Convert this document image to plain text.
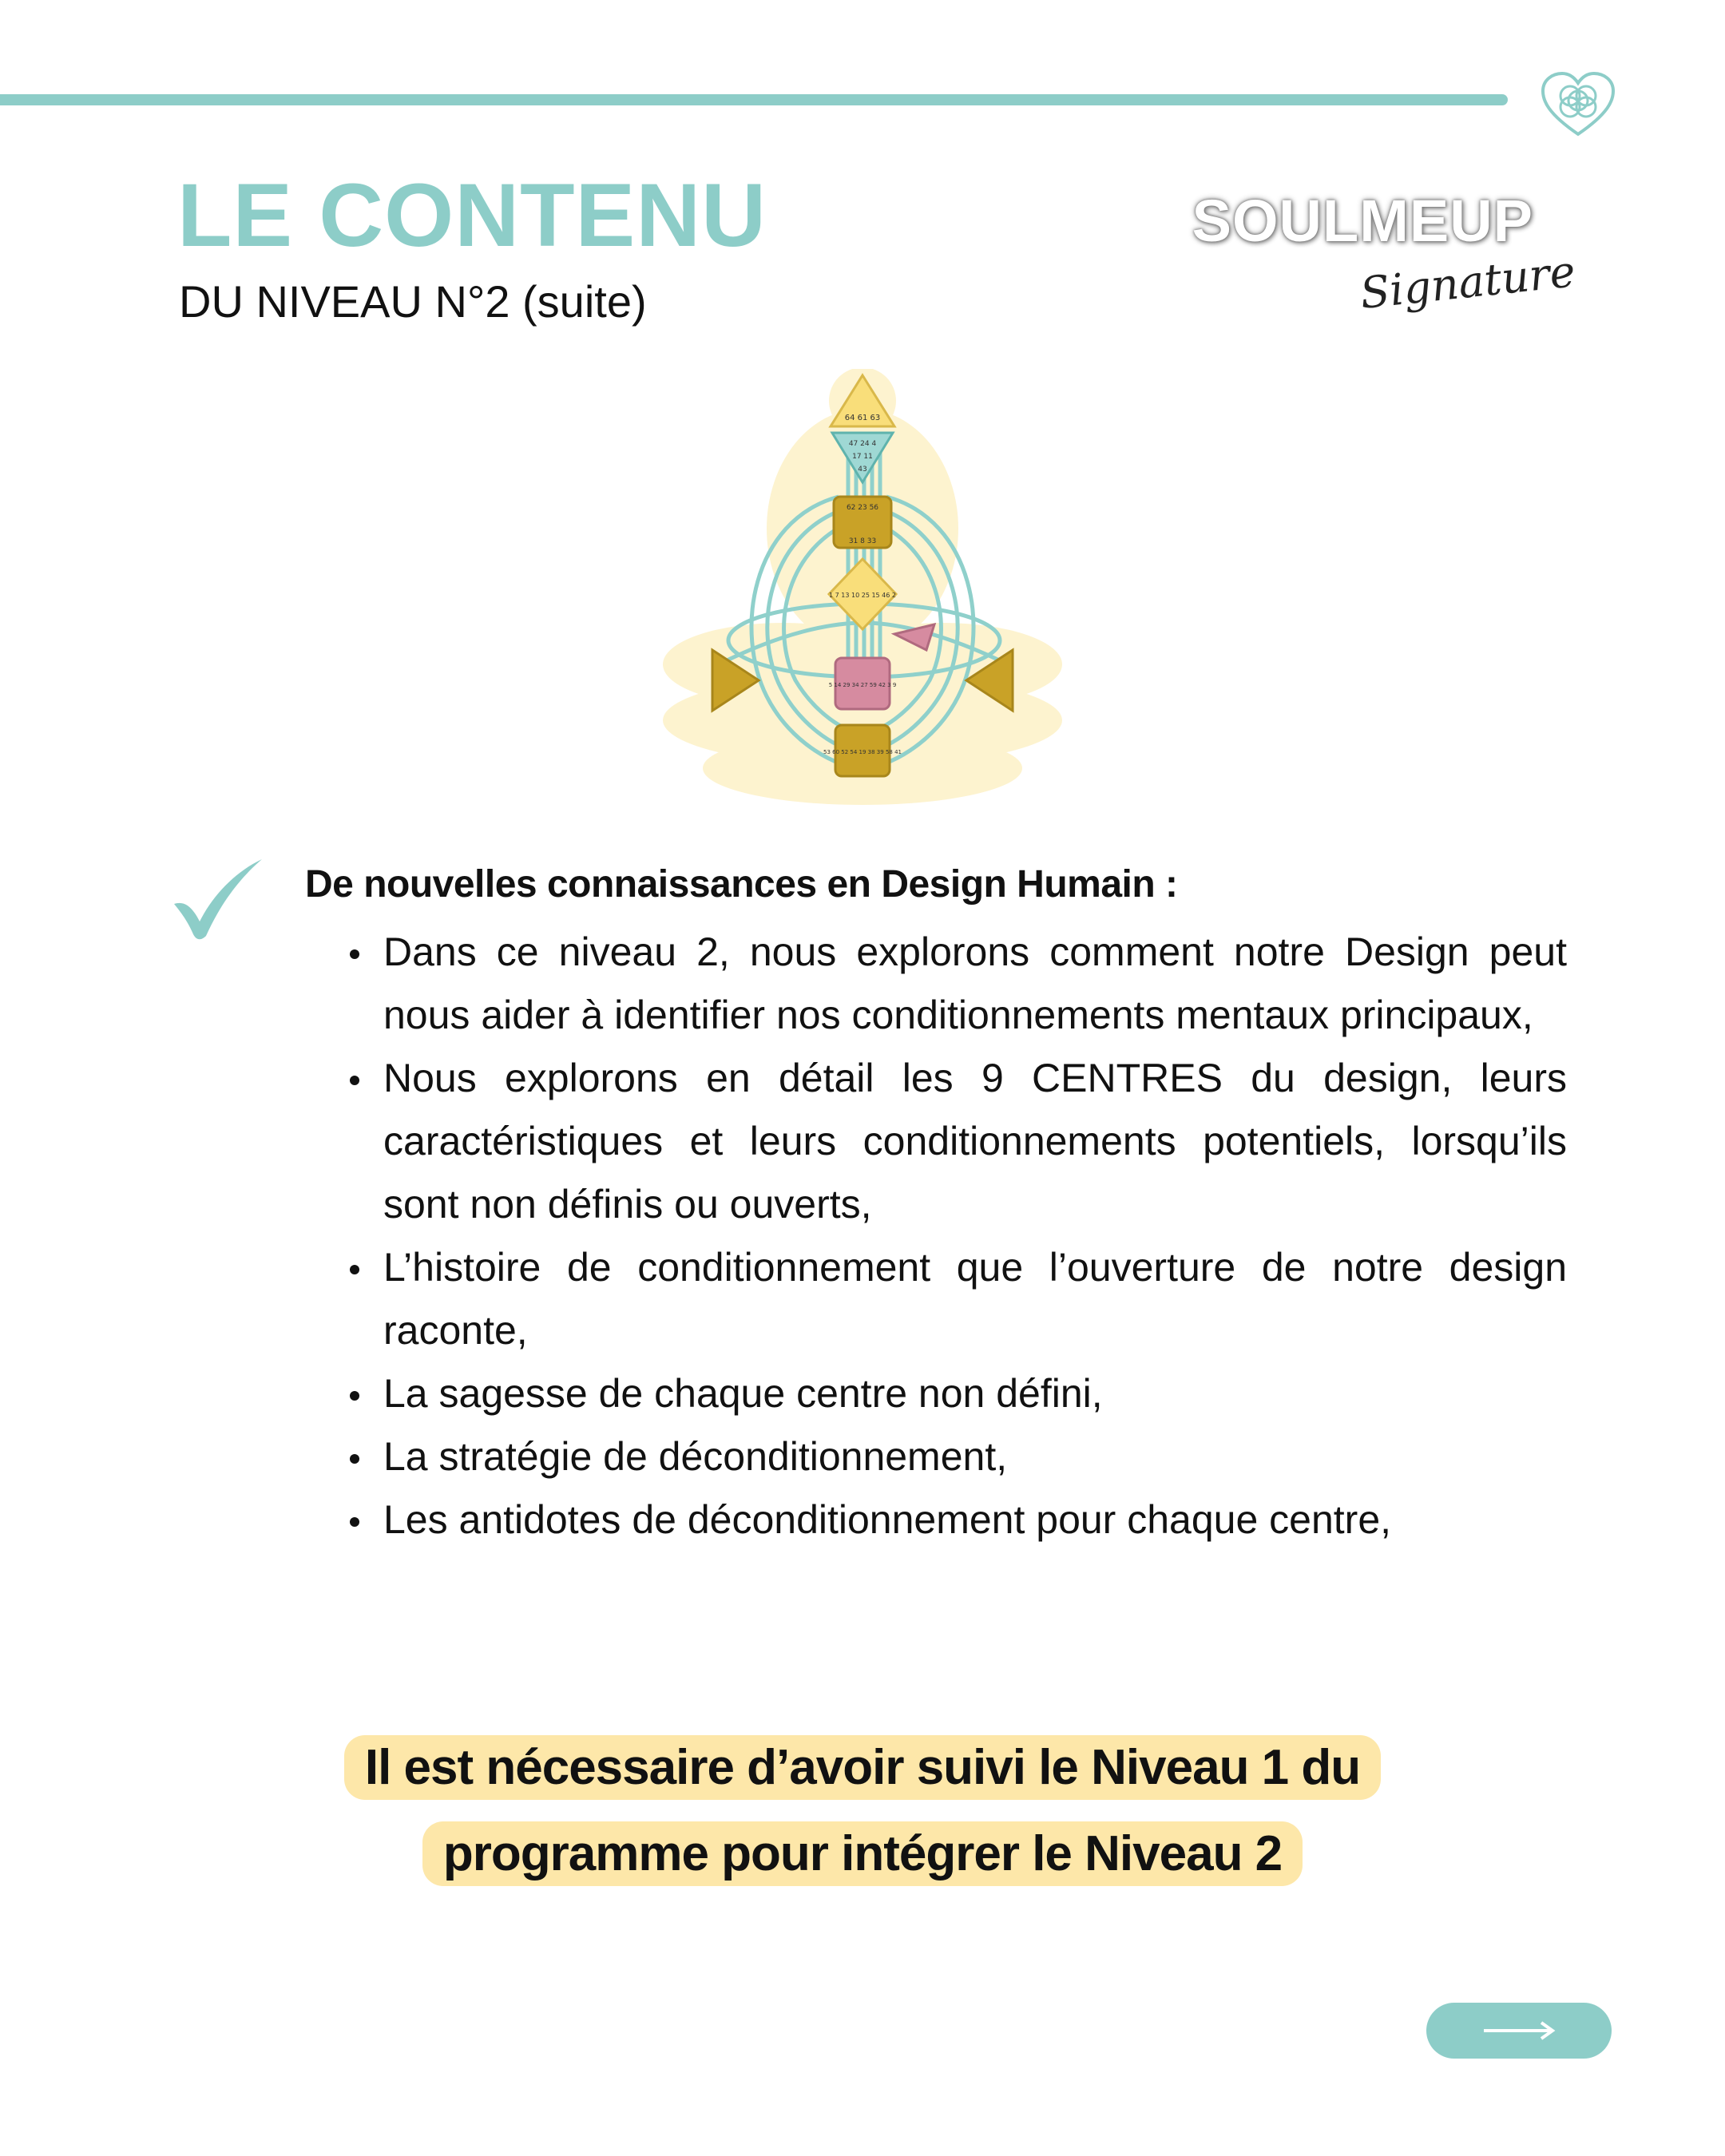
LE CONTENU
DU NIVEAU N°2 (suite)
SOULMEUP
Signature
64 61 63
47 24 4
17 11
43
62 23 56
31 8 33
1 7 13 10 25 15 46 2
5 14 29 34 27 59 42 3 9
53 60 52 54 19 38 39 58 41

De nouvelles connaissances en Design Humain :

Dans ce niveau 2, nous explorons comment notre Design peut nous aider à identifier nos conditionnements mentaux principaux,
Nous explorons en détail les 9 CENTRES du design, leurs caractéristiques et leurs conditionnements potentiels, lorsqu’ils sont non définis ou ouverts,
L’histoire de conditionnement que l’ouverture de notre design raconte,
La sagesse de chaque centre non défini,
La stratégie de déconditionnement,
Les antidotes de déconditionnement pour chaque centre,
Il est nécessaire d’avoir suivi le Niveau 1 du
programme pour intégrer le Niveau 2
